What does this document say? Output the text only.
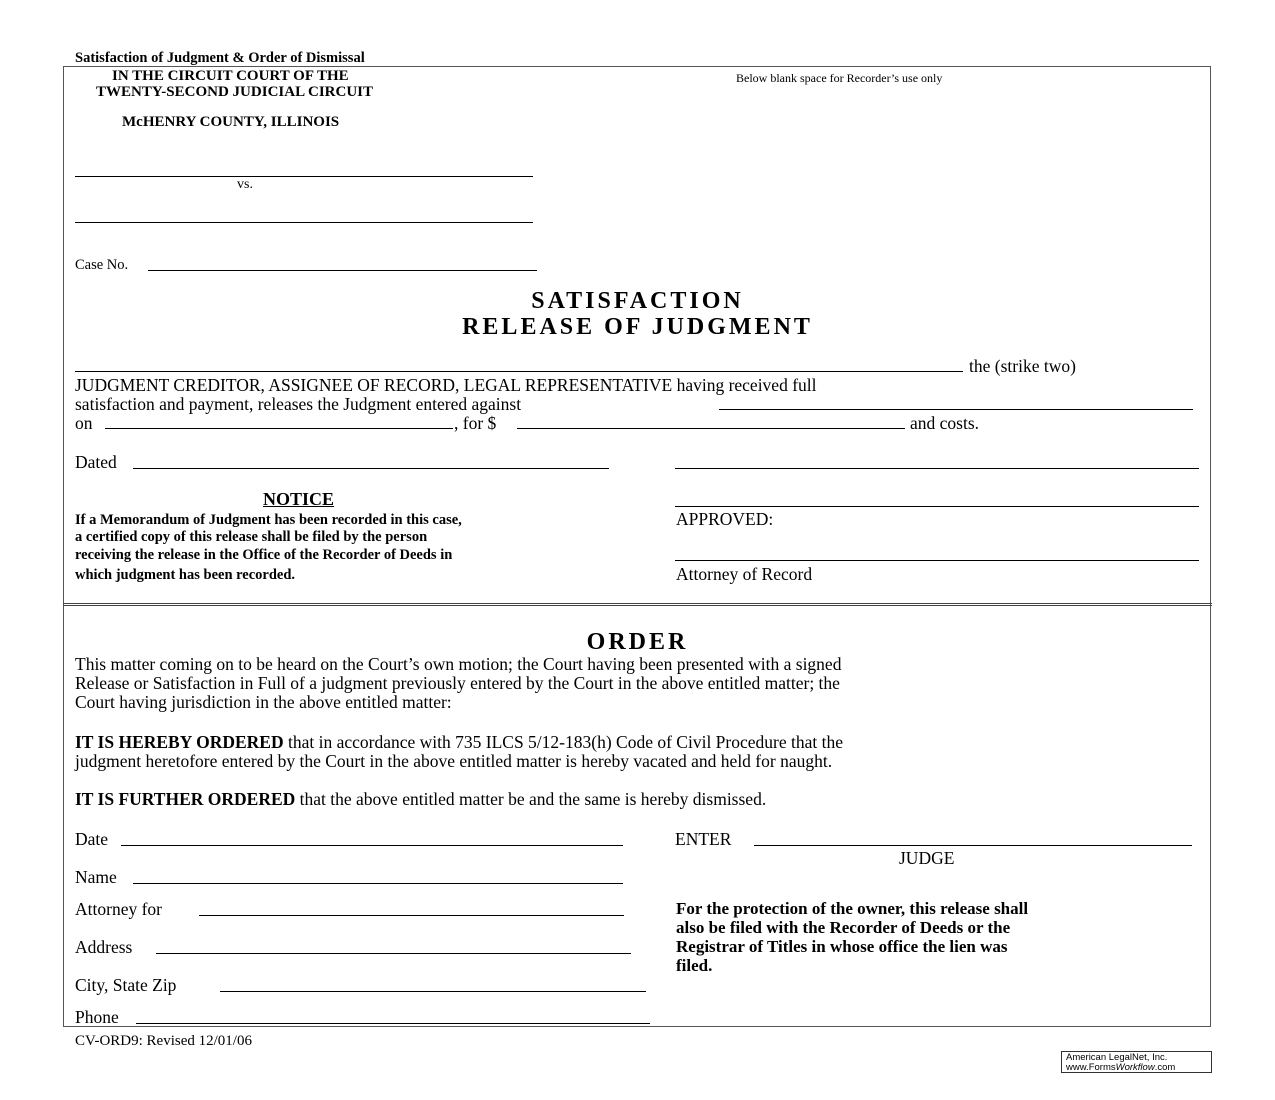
Satisfaction of Judgment & Order of Dismissal
IN THE CIRCUIT COURT OF THE
TWENTY-SECOND JUDICIAL CIRCUIT
McHENRY COUNTY, ILLINOIS
Below blank space for Recorder’s use only
vs.
Case No.
SATISFACTION
RELEASE OF JUDGMENT
the (strike two)
JUDGMENT CREDITOR, ASSIGNEE OF RECORD, LEGAL REPRESENTATIVE having received full
satisfaction and payment, releases the Judgment entered against
on	, for $	and costs.
Dated
APPROVED:
Attorney of Record
NOTICE
If a Memorandum of Judgment has been recorded in this case,
a certified copy of this release shall be filed by the person
receiving the release in the Office of the Recorder of Deeds in
which judgment has been recorded.
ORDER
This matter coming on to be heard on the Court’s own motion; the Court having been presented with a signed
Release or Satisfaction in Full of a judgment previously entered by the Court in the above entitled matter; the
Court having jurisdiction in the above entitled matter:
IT IS HEREBY ORDERED that in accordance with 735 ILCS 5/12-183(h) Code of Civil Procedure that the
judgment heretofore entered by the Court in the above entitled matter is hereby vacated and held for naught.
IT IS FURTHER ORDERED that the above entitled matter be and the same is hereby dismissed.
Date
Name
Attorney for
Address
City, State Zip
Phone
ENTER
JUDGE
For the protection of the owner, this release shall
also be filed with the Recorder of Deeds or the
Registrar of Titles in whose office the lien was
filed.
CV-ORD9: Revised 12/01/06
American LegalNet, Inc.
www.FormsWorkflow.com
